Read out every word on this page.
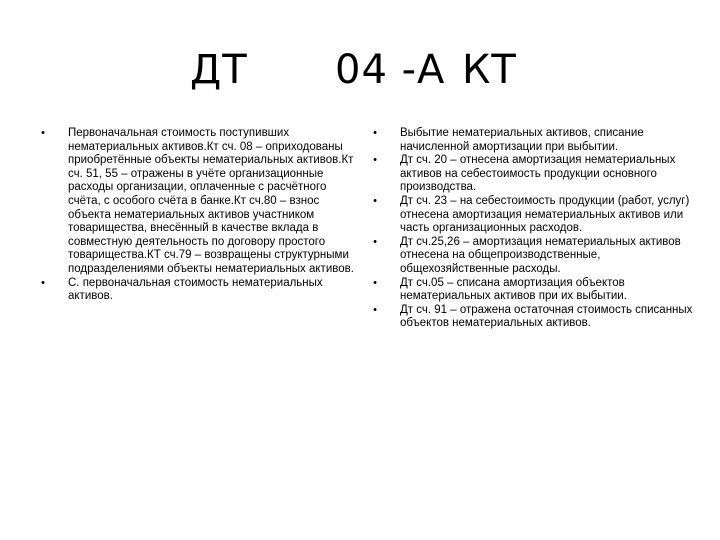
ДТ 04 -А КТ
•	Первоначальная стоимость поступивших нематериальных активов.Кт сч. 08 – оприходованы приобретённые объекты нематериальных активов.Кт сч. 51, 55 – отражены в учёте организационные расходы организации, оплаченные с расчётного счёта, с особого счёта в банке.Кт сч.80 – взнос объекта нематериальных активов участником товарищества, внесённый в качестве вклада в совместную деятельность по договору простого товарищества.КТ сч.79 – возвращены структурными подразделениями объекты нематериальных активов.
•	С. первоначальная стоимость нематериальных активов.
•	Выбытие нематериальных активов, списание начисленной амортизации при выбытии.
•	Дт сч. 20 – отнесена амортизация нематериальных активов на себестоимость продукции основного производства.
•	Дт сч. 23 – на себестоимость продукции (работ, услуг) отнесена амортизация нематериальных активов или часть организационных расходов.
•	Дт сч.25,26 – амортизация нематериальных активов отнесена на общепроизводственные, общехозяйственные расходы.
•	Дт сч.05 – списана амортизация объектов нематериальных активов при их выбытии.
•	Дт сч. 91 – отражена остаточная стоимость списанных объектов нематериальных активов.
